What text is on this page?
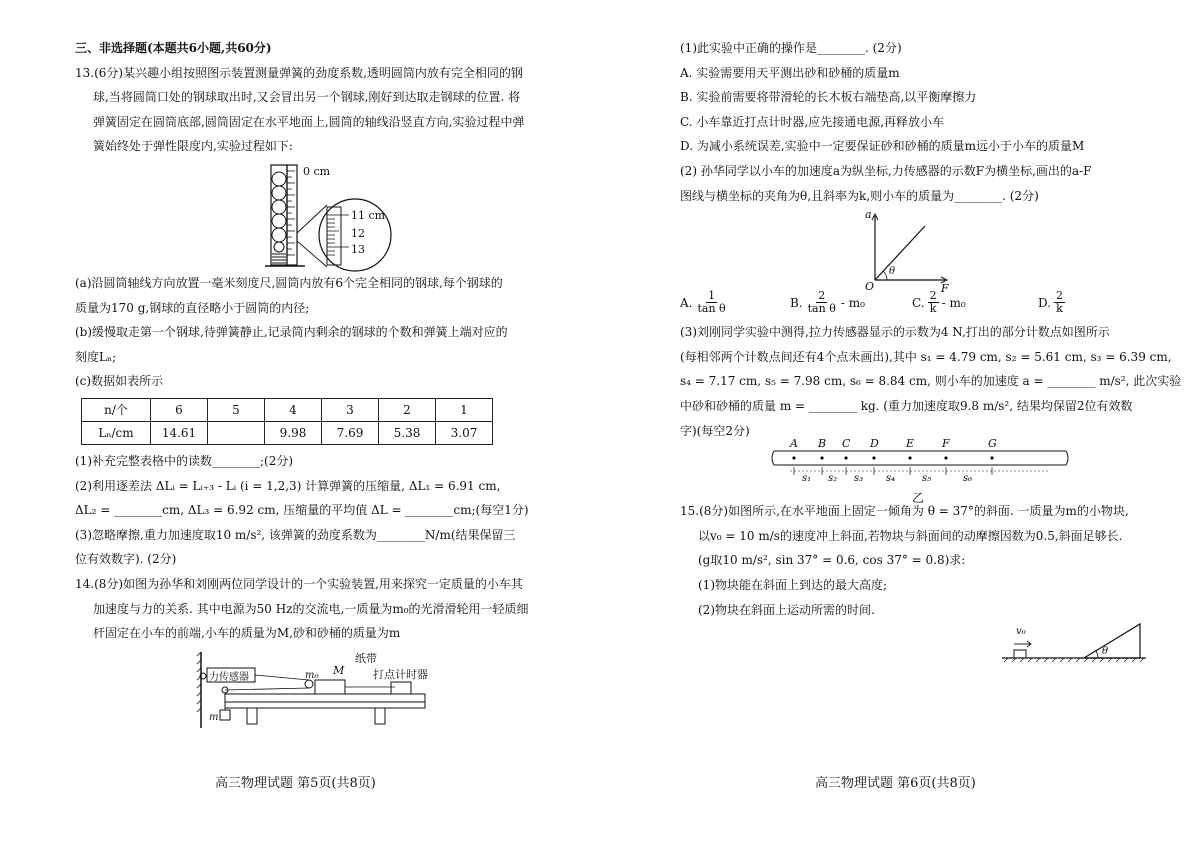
三、非选择题(本题共6小题,共60分)
13.(6分)某兴趣小组按照图示装置测量弹簧的劲度系数,透明圆筒内放有完全相同的钢
球,当将圆筒口处的钢球取出时,又会冒出另一个钢球,刚好到达取走钢球的位置. 将
弹簧固定在圆筒底部,圆筒固定在水平地面上,圆筒的轴线沿竖直方向,实验过程中弹
簧始终处于弹性限度内,实验过程如下:
0 cm
11 cm
12
13
(a)沿圆筒轴线方向放置一毫米刻度尺,圆筒内放有6个完全相同的钢球,每个钢球的
质量为170 g,钢球的直径略小于圆筒的内径;
(b)缓慢取走第一个钢球,待弹簧静止,记录筒内剩余的钢球的个数和弹簧上端对应的
刻度Lₙ;
(c)数据如表所示
n/个	6	5	4	3	2	1
Lₙ/cm	14.61		9.98	7.69	5.38	3.07
(1)补充完整表格中的读数________;(2分)
(2)利用逐差法 ΔLᵢ = Lᵢ₊₃ - Lᵢ (i = 1,2,3) 计算弹簧的压缩量, ΔL₁ = 6.91 cm,
ΔL₂ = ________cm, ΔL₃ = 6.92 cm, 压缩量的平均值 ΔL = ________cm;(每空1分)
(3)忽略摩擦,重力加速度取10 m/s², 该弹簧的劲度系数为________N/m(结果保留三
位有效数字). (2分)
14.(8分)如图为孙华和刘刚两位同学设计的一个实验装置,用来探究一定质量的小车其
加速度与力的关系. 其中电源为50 Hz的交流电,一质量为m₀的光滑滑轮用一轻质细
杆固定在小车的前端,小车的质量为M,砂和砂桶的质量为m
力传感器
纸带
打点计时器
M
m₀
m
高三物理试题 第5页(共8页)
(1)此实验中正确的操作是________. (2分)
A. 实验需要用天平测出砂和砂桶的质量m
B. 实验前需要将带滑轮的长木板右端垫高,以平衡摩擦力
C. 小车靠近打点计时器,应先接通电源,再释放小车
D. 为减小系统误差,实验中一定要保证砂和砂桶的质量m远小于小车的质量M
(2) 孙华同学以小车的加速度a为纵坐标,力传感器的示数F为横坐标,画出的a-F
图线与横坐标的夹角为θ,且斜率为k,则小车的质量为________. (2分)
a
F
O
θ
A. $\frac{1}{\text{tan θ}}$	B. $\frac{2}{\text{tan θ}} - m_0$	C. $\frac{2}{k} - m_0$	D. $\frac{2}{k}$
(3)刘刚同学实验中测得,拉力传感器显示的示数为4 N,打出的部分计数点如图所示
(每相邻两个计数点间还有4个点未画出),其中 s₁ = 4.79 cm, s₂ = 5.61 cm, s₃ = 6.39 cm,
s₄ = 7.17 cm, s₅ = 7.98 cm, s₆ = 8.84 cm, 则小车的加速度 a = ________ m/s², 此次实验
中砂和砂桶的质量 m = ________ kg. (重力加速度取9.8 m/s², 结果均保留2位有效数
字)(每空2分)
A B C D E	F	G
s₁ s₂ s₃ s₄	s₅	s₆
乙
15.(8分)如图所示,在水平地面上固定一倾角为 θ = 37°的斜面. 一质量为m的小物块,
以v₀ = 10 m/s的速度冲上斜面,若物块与斜面间的动摩擦因数为0.5,斜面足够长.
(g取10 m/s², sin 37° = 0.6, cos 37° = 0.8)求:
(1)物块能在斜面上到达的最大高度;
(2)物块在斜面上运动所需的时间.
v₀
θ
高三物理试题 第6页(共8页)
